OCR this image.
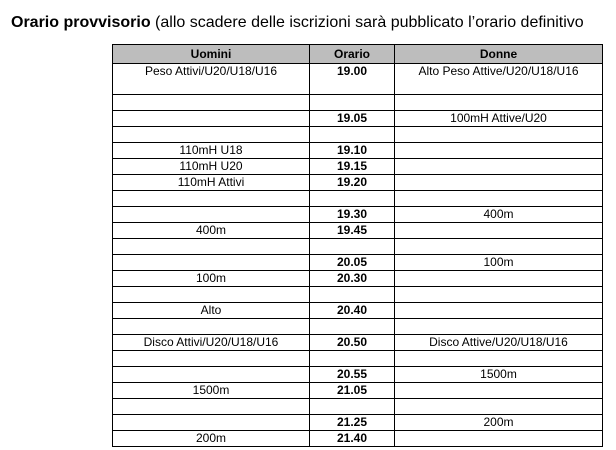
Orario provvisorio (allo scadere delle iscrizioni sarà pubblicato l’orario definitivo
Uomini	Orario	Donne
Peso Attivi/U20/U18/U16	19.00	Alto Peso Attive/U20/U18/U16

	19.05	100mH Attive/U20

110mH U18	19.10	
110mH U20	19.15	
110mH Attivi	19.20	

	19.30	400m
400m	19.45	

	20.05	100m
100m	20.30	

Alto	20.40	

Disco Attivi/U20/U18/U16	20.50	Disco Attive/U20/U18/U16

	20.55	1500m
1500m	21.05	

	21.25	200m
200m	21.40	
